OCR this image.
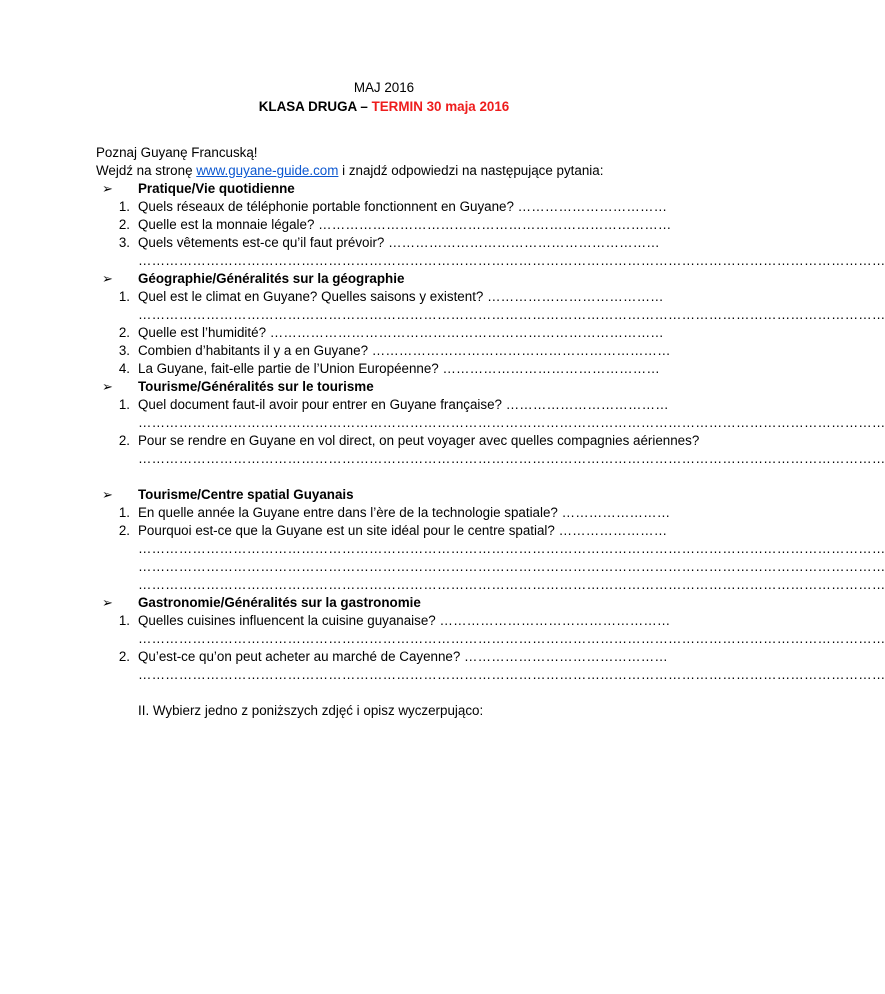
MAJ 2016
KLASA DRUGA – TERMIN 30 maja 2016
Poznaj Guyanę Francuską!
Wejdź na stronę www.guyane-guide.com i znajdź odpowiedzi na następujące pytania:
➢ Pratique/Vie quotidienne
1. Quels réseaux de téléphonie portable fonctionnent en Guyane? ……………………………
2. Quelle est la monnaie légale? ……………………………………………………………………
3. Quels vêtements est-ce qu’il faut prévoir? ……………………………………………………
…………………………………………………………………………………………………………………………………………………
➢ Géographie/Généralités sur la géographie
1. Quel est le climat en Guyane? Quelles saisons y existent? …………………………………
…………………………………………………………………………………………………………………………………………………
2. Quelle est l’humidité? ……………………………………………………………………………
3. Combien d’habitants il y a en Guyane? …………………………………………………………
4. La Guyane, fait-elle partie de l’Union Européenne? …………………………………………
➢ Tourisme/Généralités sur le tourisme
1. Quel document faut-il avoir pour entrer en Guyane française? ………………………………
…………………………………………………………………………………………………………………………………………………
2. Pour se rendre en Guyane en vol direct, on peut voyager avec quelles compagnies aériennes?
…………………………………………………………………………………………………………………………………………………
➢ Tourisme/Centre spatial Guyanais
1. En quelle année la Guyane entre dans l’ère de la technologie spatiale? ……………………
2. Pourquoi est-ce que la Guyane est un site idéal pour le centre spatial? ……………………
…………………………………………………………………………………………………………………………………………………
…………………………………………………………………………………………………………………………………………………
…………………………………………………………………………………………………………………………………………………
➢ Gastronomie/Généralités sur la gastronomie
1. Quelles cuisines influencent la cuisine guyanaise? ……………………………………………
…………………………………………………………………………………………………………………………………………………
2. Qu’est-ce qu’on peut acheter au marché de Cayenne? ………………………………………
…………………………………………………………………………………………………………………………………………………
II. Wybierz jedno z poniższych zdjęć i opisz wyczerpująco:
